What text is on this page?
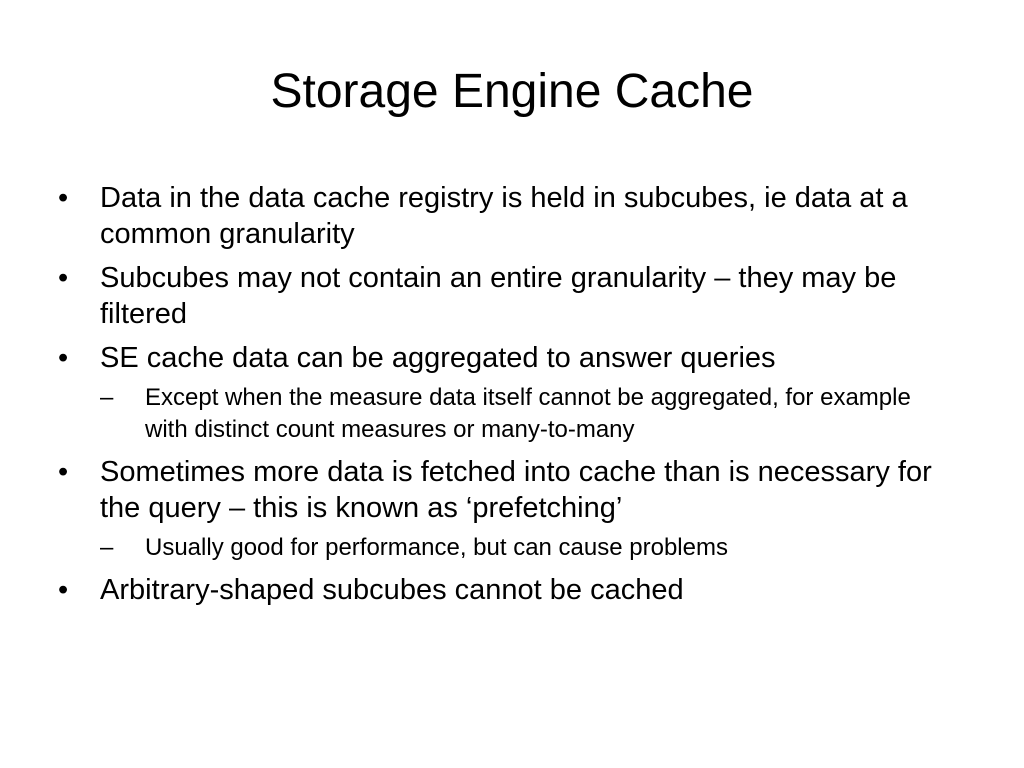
Storage Engine Cache
•	Data in the data cache registry is held in subcubes, ie data at a common granularity
•	Subcubes may not contain an entire granularity – they may be filtered
•	SE cache data can be aggregated to answer queries
–	Except when the measure data itself cannot be aggregated, for example with distinct count measures or many-to-many
•	Sometimes more data is fetched into cache than is necessary for the query – this is known as ‘prefetching’
–	Usually good for performance, but can cause problems
•	Arbitrary-shaped subcubes cannot be cached
